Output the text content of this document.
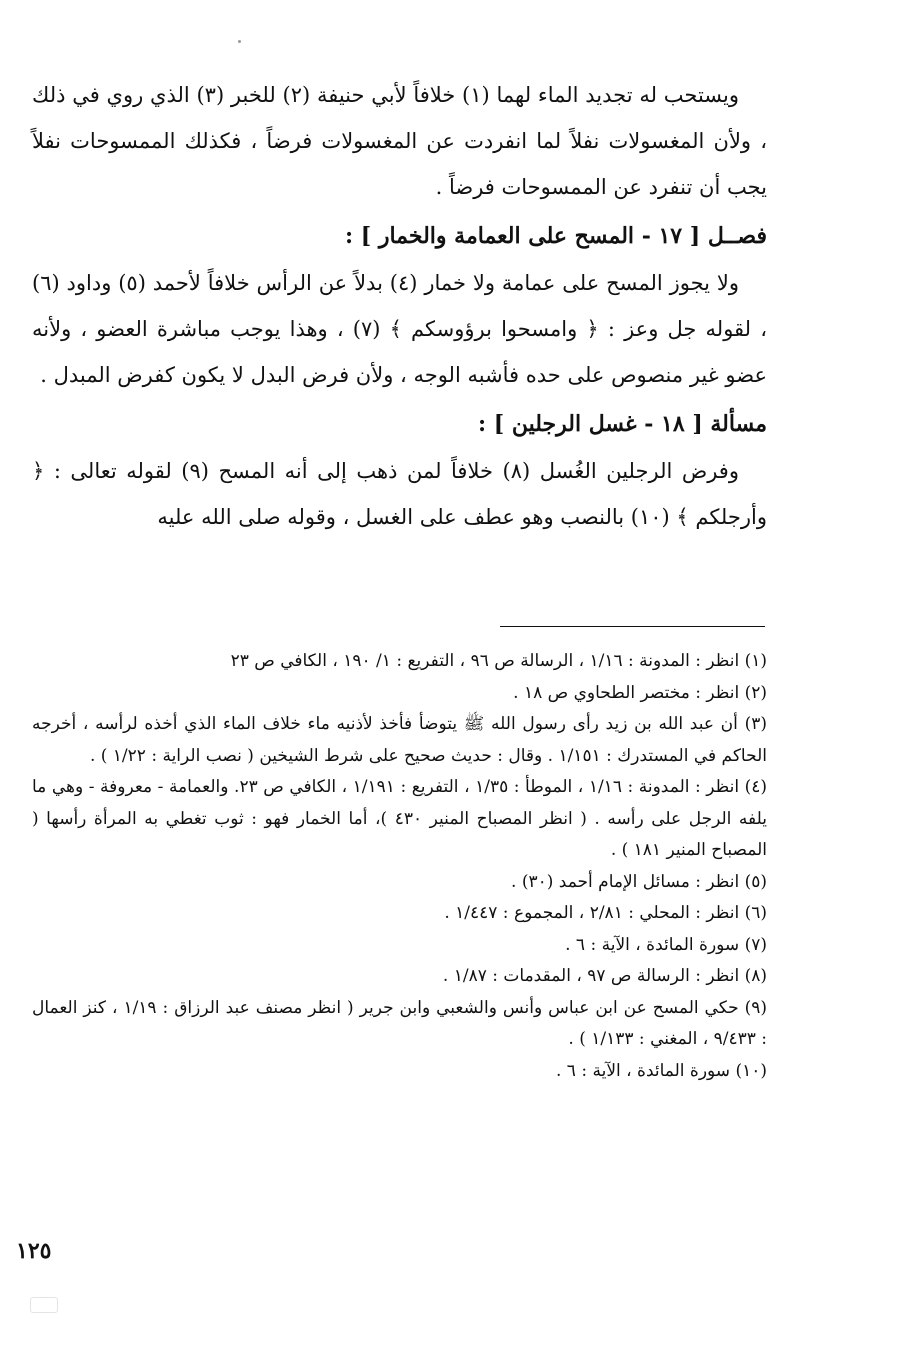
ويستحب له تجديد الماء لهما (١) خلافاً لأبي حنيفة (٢) للخبر (٣) الذي روي في ذلك ، ولأن المغسولات نفلاً لما انفردت عن المغسولات فرضاً ، فكذلك الممسوحات نفلاً يجب أن تنفرد عن الممسوحات فرضاً .

فصــل [ ١٧ - المسح على العمامة والخمار ] :

ولا يجوز المسح على عمامة ولا خمار (٤) بدلاً عن الرأس خلافاً لأحمد (٥) وداود (٦) ، لقوله جل وعز : ﴿ وامسحوا برؤوسكم ﴾ (٧) ، وهذا يوجب مباشرة العضو ، ولأنه عضو غير منصوص على حده فأشبه الوجه ، ولأن فرض البدل لا يكون كفرض المبدل .

مسألة [ ١٨ - غسل الرجلين ] :

وفرض الرجلين الغُسل (٨) خلافاً لمن ذهب إلى أنه المسح (٩) لقوله تعالى : ﴿ وأرجلكم ﴾ (١٠) بالنصب وهو عطف على الغسل ، وقوله صلى الله عليه

(١) انظر : المدونة : ١/١٦ ، الرسالة ص ٩٦ ، التفريع : ١/ ١٩٠ ، الكافي ص ٢٣

(٢) انظر : مختصر الطحاوي ص ١٨ .

(٣) أن عبد الله بن زيد رأى رسول الله ﷺ يتوضأ فأخذ لأذنيه ماء خلاف الماء الذي أخذه لرأسه ، أخرجه الحاكم في المستدرك : ١/١٥١ . وقال : حديث صحيح على شرط الشيخين ( نصب الراية : ١/٢٢ ) .

(٤) انظر : المدونة : ١/١٦ ، الموطأ : ١/٣٥ ، التفريع : ١/١٩١ ، الكافي ص ٢٣. والعمامة - معروفة - وهي ما يلفه الرجل على رأسه . ( انظر المصباح المنير ٤٣٠ )، أما الخمار فهو : ثوب تغطي به المرأة رأسها ( المصباح المنير ١٨١ ) .

(٥) انظر : مسائل الإمام أحمد (٣٠) .

(٦) انظر : المحلي : ٢/٨١ ، المجموع : ١/٤٤٧ .

(٧) سورة المائدة ، الآية : ٦ .

(٨) انظر : الرسالة ص ٩٧ ، المقدمات : ١/٨٧ .

(٩) حكي المسح عن ابن عباس وأنس والشعبي وابن جرير ( انظر مصنف عبد الرزاق : ١/١٩ ، كنز العمال : ٩/٤٣٣ ، المغني : ١/١٣٣ ) .

(١٠) سورة المائدة ، الآية : ٦ .

١٢٥
